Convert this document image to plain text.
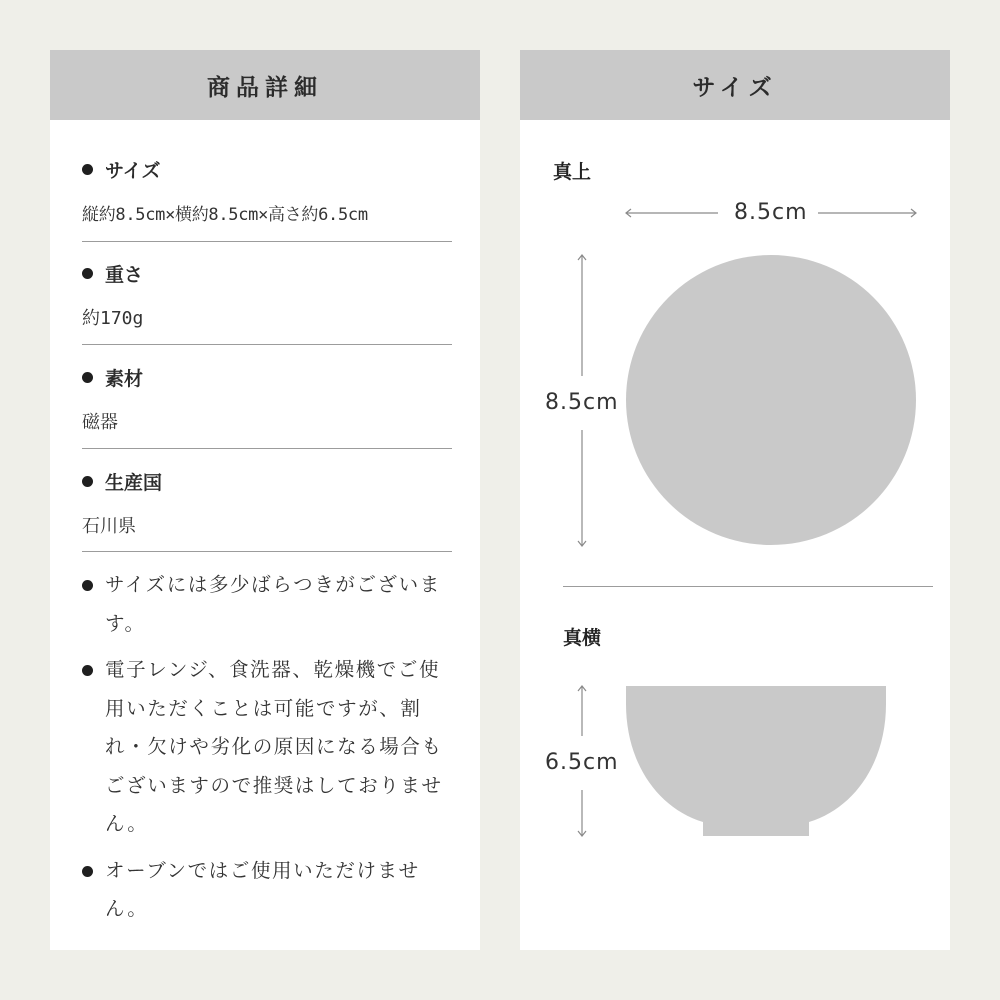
商品詳細
サイズ
縦約8.5cm×横約8.5cm×高さ約6.5cm
重さ
約170g
素材
磁器
生産国
石川県
サイズには多少ばらつきがございます。
電子レンジ、食洗器、乾燥機でご使用いただくことは可能ですが、割れ・欠けや劣化の原因になる場合もございますので推奨はしておりません。
オーブンではご使用いただけません。
サイズ
真上
8.5cm
8.5cm
真横
6.5cm
